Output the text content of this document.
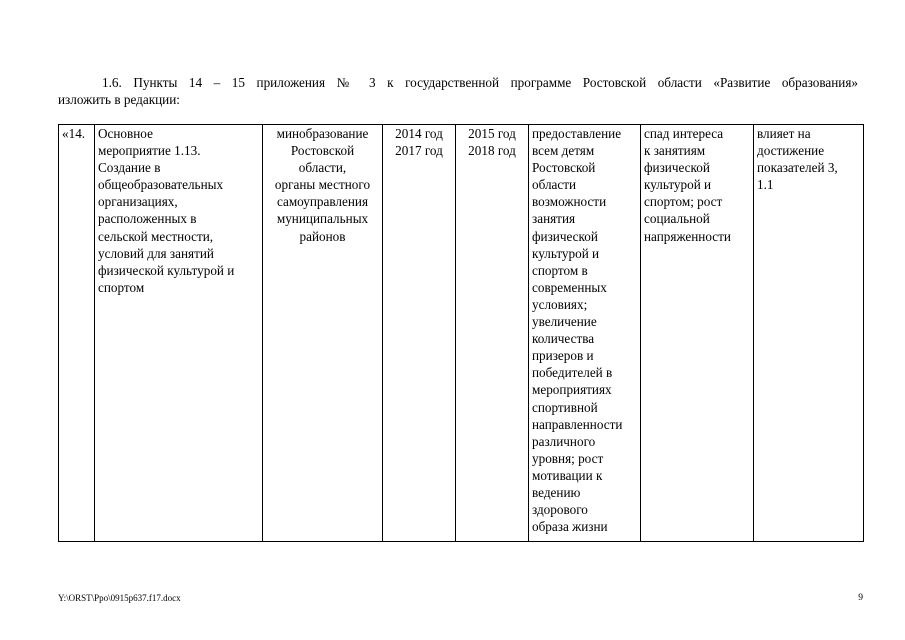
1.6. Пункты 14 – 15 приложения № 3 к государственной программе Ростовской области «Развитие образования»
изложить в редакции:
«14.	Основное
мероприятие 1.13.
Создание в
общеобразовательных
организациях,
расположенных в
сельской местности,
условий для занятий
физической культурой и
спортом	минобразование
Ростовской
области,
органы местного
самоуправления
муниципальных
районов	2014 год
2017 год	2015 год
2018 год	предоставление
всем детям
Ростовской
области
возможности
занятия
физической
культурой и
спортом в
современных
условиях;
увеличение
количества
призеров и
победителей в
мероприятиях
спортивной
направленности
различного
уровня; рост
мотивации к
ведению
здорового
образа жизни	спад интереса
к занятиям
физической
культурой и
спортом; рост
социальной
напряженности	влияет на
достижение
показателей 3,
1.1
Y:\ORST\Ppo\0915p637.f17.docx	9
